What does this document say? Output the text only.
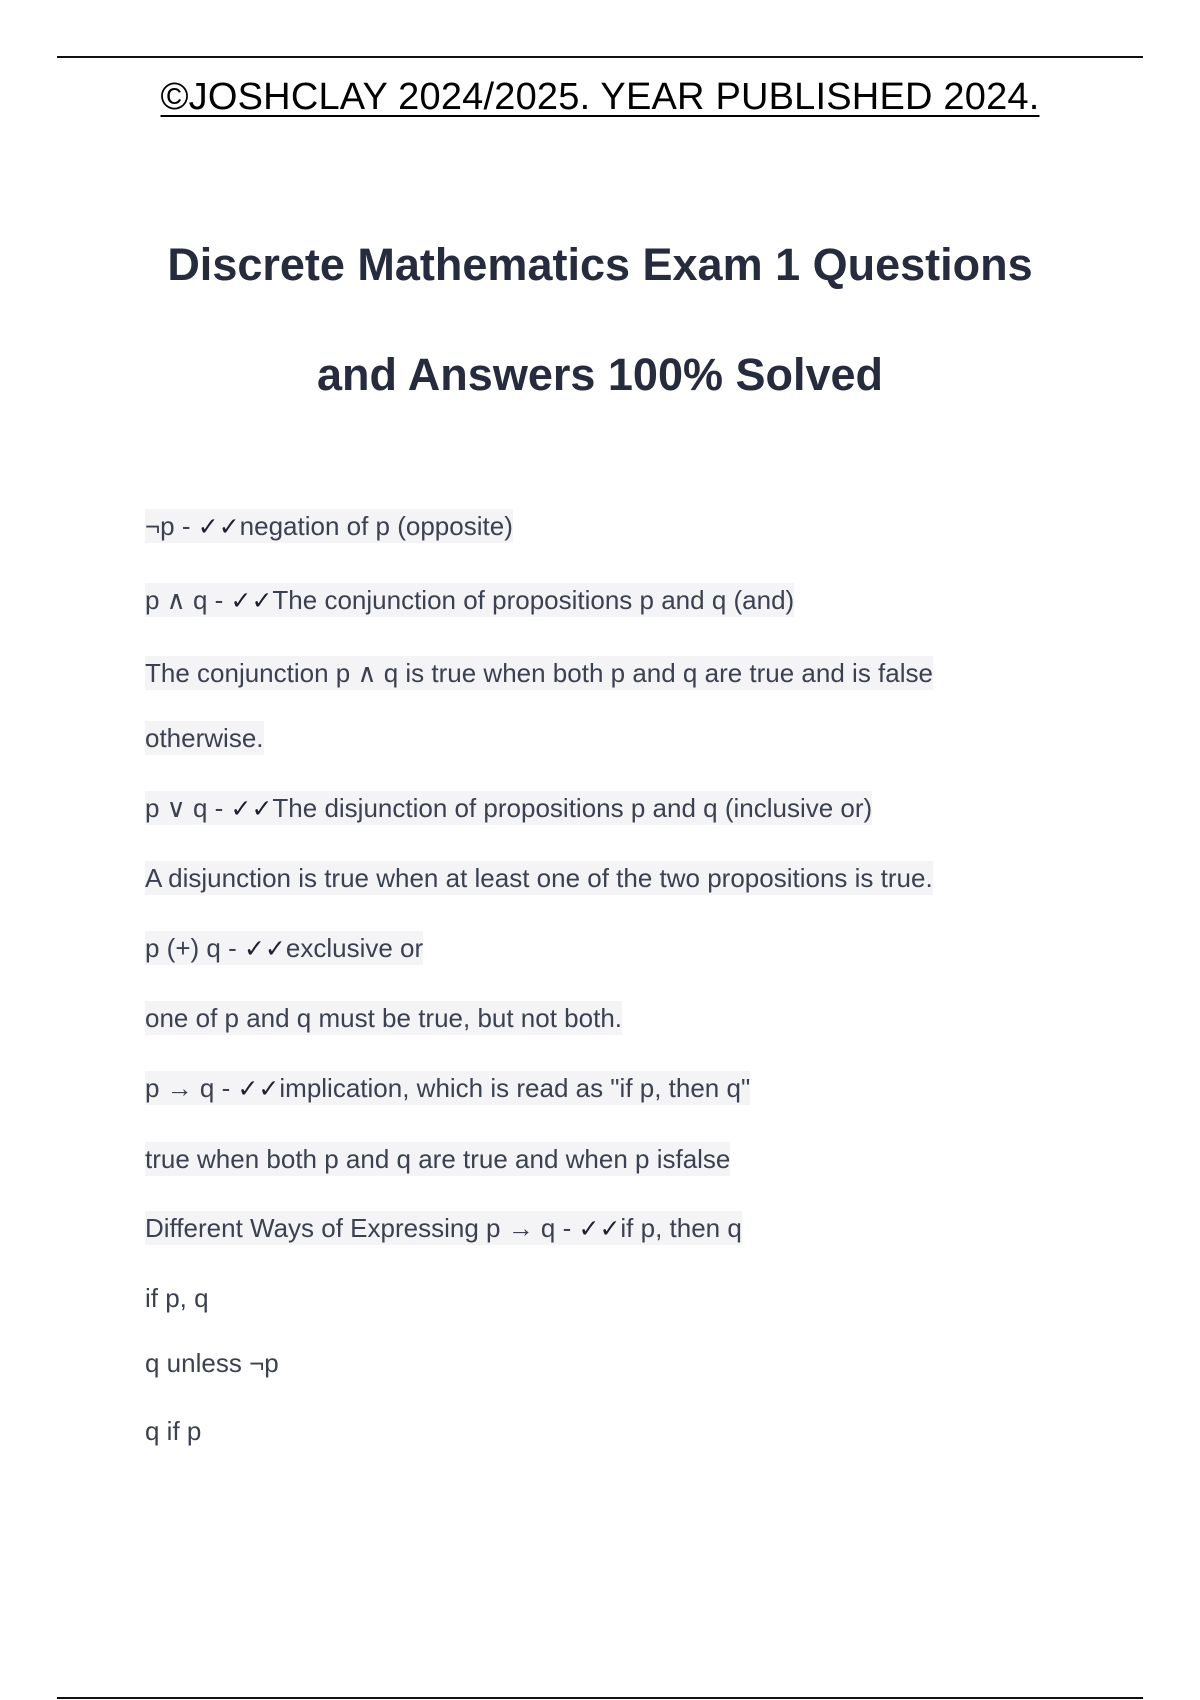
©JOSHCLAY 2024/2025. YEAR PUBLISHED 2024.
Discrete Mathematics Exam 1 Questions
and Answers 100% Solved
¬p - ✓✓negation of p (opposite)
p ∧ q - ✓✓The conjunction of propositions p and q (and)
The conjunction p ∧ q is true when both p and q are true and is false
otherwise.
p ∨ q - ✓✓The disjunction of propositions p and q (inclusive or)
A disjunction is true when at least one of the two propositions is true.
p (+) q - ✓✓exclusive or
one of p and q must be true, but not both.
p → q - ✓✓implication, which is read as "if p, then q"
true when both p and q are true and when p isfalse
Different Ways of Expressing p → q - ✓✓if p, then q
if p, q
q unless ¬p
q if p
